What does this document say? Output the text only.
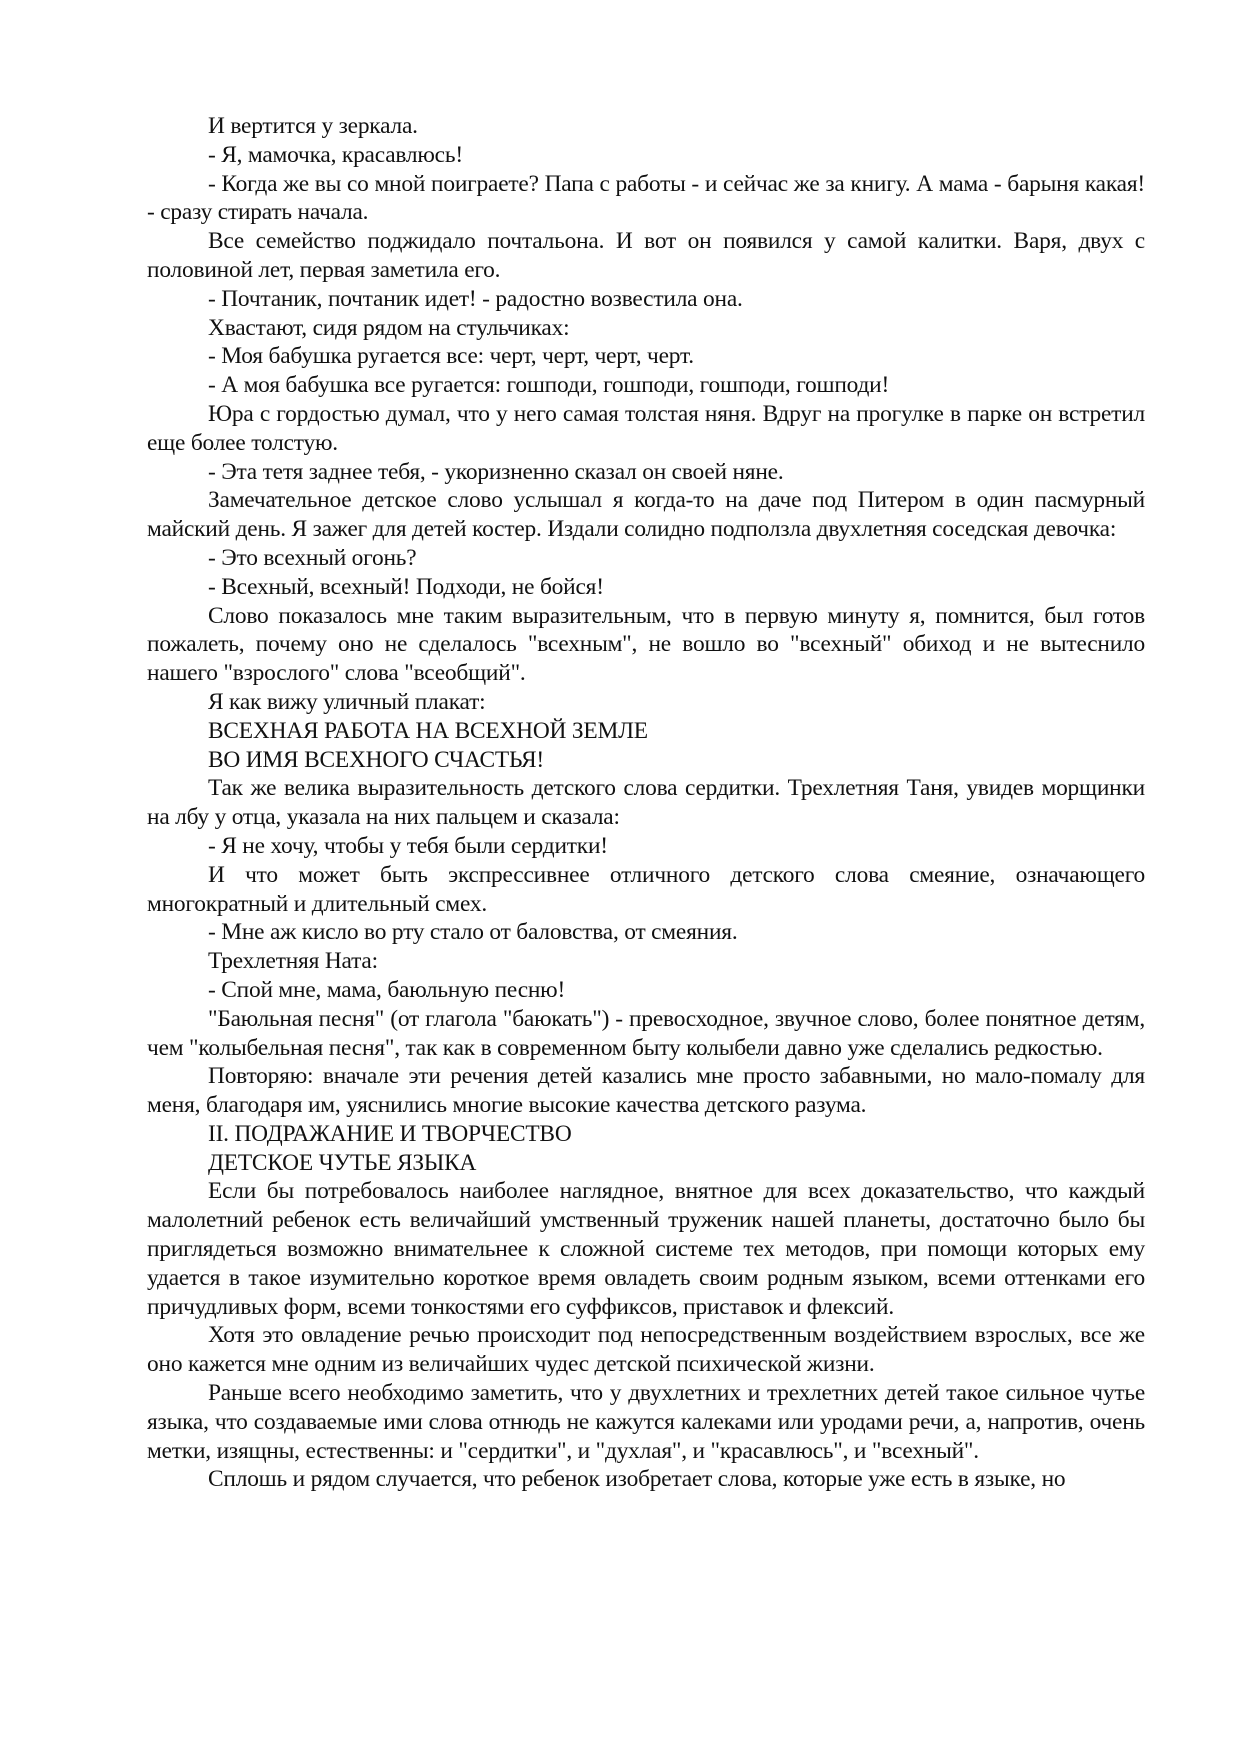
И вертится у зеркала.

- Я, мамочка, красавлюсь!

- Когда же вы со мной поиграете? Папа с работы - и сейчас же за книгу. А мама - барыня какая! - сразу стирать начала.

Все семейство поджидало почтальона. И вот он появился у самой калитки. Варя, двух с половиной лет, первая заметила его.

- Почтаник, почтаник идет! - радостно возвестила она.

Хвастают, сидя рядом на стульчиках:

- Моя бабушка ругается все: черт, черт, черт, черт.

- А моя бабушка все ругается: гошподи, гошподи, гошподи, гошподи!

Юра с гордостью думал, что у него самая толстая няня. Вдруг на прогулке в парке он встретил еще более толстую.

- Эта тетя заднее тебя, - укоризненно сказал он своей няне.

Замечательное детское слово услышал я когда-то на даче под Питером в один пасмурный майский день. Я зажег для детей костер. Издали солидно подползла двухлетняя соседская девочка:

- Это всехный огонь?

- Всехный, всехный! Подходи, не бойся!

Слово показалось мне таким выразительным, что в первую минуту я, помнится, был готов пожалеть, почему оно не сделалось "всехным", не вошло во "всехный" обиход и не вытеснило нашего "взрослого" слова "всеобщий".

Я как вижу уличный плакат:

ВСЕХНАЯ РАБОТА НА ВСЕХНОЙ ЗЕМЛЕ

ВО ИМЯ ВСЕХНОГО СЧАСТЬЯ!

Так же велика выразительность детского слова сердитки. Трехлетняя Таня, увидев морщинки на лбу у отца, указала на них пальцем и сказала:

- Я не хочу, чтобы у тебя были сердитки!

И что может быть экспрессивнее отличного детского слова смеяние, означающего многократный и длительный смех.

- Мне аж кисло во рту стало от баловства, от смеяния.

Трехлетняя Ната:

- Спой мне, мама, баюльную песню!

"Баюльная песня" (от глагола "баюкать") - превосходное, звучное слово, более понятное детям, чем "колыбельная песня", так как в современном быту колыбели давно уже сделались редкостью.

Повторяю: вначале эти речения детей казались мне просто забавными, но мало-помалу для меня, благодаря им, уяснились многие высокие качества детского разума.

II. ПОДРАЖАНИЕ И ТВОРЧЕСТВО

ДЕТСКОЕ ЧУТЬЕ ЯЗЫКА

Если бы потребовалось наиболее наглядное, внятное для всех доказательство, что каждый малолетний ребенок есть величайший умственный труженик нашей планеты, достаточно было бы приглядеться возможно внимательнее к сложной системе тех методов, при помощи которых ему удается в такое изумительно короткое время овладеть своим родным языком, всеми оттенками его причудливых форм, всеми тонкостями его суффиксов, приставок и флексий.

Хотя это овладение речью происходит под непосредственным воздействием взрослых, все же оно кажется мне одним из величайших чудес детской психической жизни.

Раньше всего необходимо заметить, что у двухлетних и трехлетних детей такое сильное чутье языка, что создаваемые ими слова отнюдь не кажутся калеками или уродами речи, а, напротив, очень метки, изящны, естественны: и "сердитки", и "духлая", и "красавлюсь", и "всехный".

Сплошь и рядом случается, что ребенок изобретает слова, которые уже есть в языке, но
